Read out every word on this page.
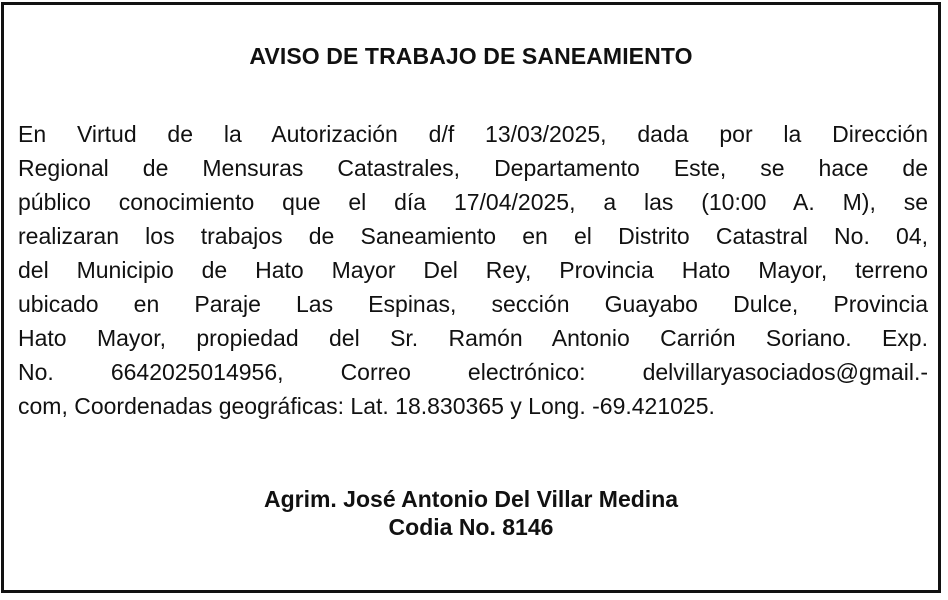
AVISO DE TRABAJO DE SANEAMIENTO
En Virtud de la Autorización d/f 13/03/2025, dada por la Dirección
Regional de Mensuras Catastrales, Departamento Este, se hace de
público conocimiento que el día 17/04/2025, a las (10:00 A. M), se
realizaran los trabajos de Saneamiento en el Distrito Catastral No. 04,
del Municipio de Hato Mayor Del Rey, Provincia Hato Mayor, terreno
ubicado en Paraje Las Espinas, sección Guayabo Dulce, Provincia
Hato Mayor, propiedad del Sr. Ramón Antonio Carrión Soriano. Exp.
No. 6642025014956, Correo electrónico: delvillaryasociados@gmail.-
com, Coordenadas geográficas: Lat. 18.830365 y Long. -69.421025.
Agrim. José Antonio Del Villar Medina
Codia No. 8146
